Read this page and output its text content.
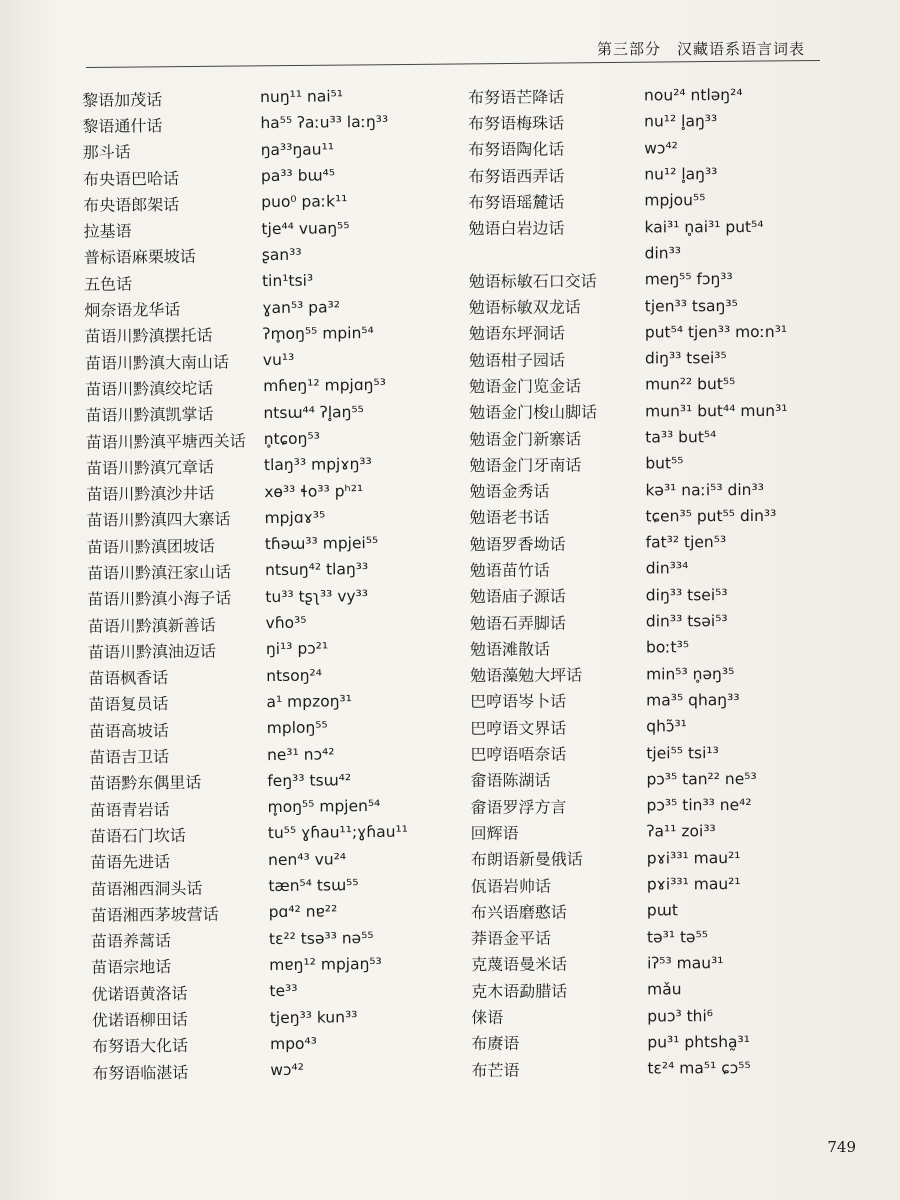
第三部分　汉藏语系语言词表
黎语加茂话	nuŋ¹¹ nai⁵¹
黎语通什话	ha⁵⁵ ʔaːu³³ laːŋ³³
那斗话	ŋa³³ŋau¹¹
布央语巴哈话	pa³³ bɯ⁴⁵
布央语郎架话	puo⁰ paːk¹¹
拉基语	tje⁴⁴ vuaŋ⁵⁵
普标语麻栗坡话	ʂan³³
五色话	tin¹tsi³
炯奈语龙华话	ɣan⁵³ pa³²
苗语川黔滇摆托话	ʔm̥oŋ⁵⁵ mpin⁵⁴
苗语川黔滇大南山话	vu¹³
苗语川黔滇绞坨话	mɦɐŋ¹² mpjɑŋ⁵³
苗语川黔滇凯掌话	ntsɯ⁴⁴ ʔl̥aŋ⁵⁵
苗语川黔滇平塘西关话	n̥tɕoŋ⁵³
苗语川黔滇冗章话	tlaŋ³³ mpjɤŋ³³
苗语川黔滇沙井话	xɵ³³ ɬo³³ pʰ²¹
苗语川黔滇四大寨话	mpjɑɤ³⁵
苗语川黔滇团坡话	tɦəɯ³³ mpjei⁵⁵
苗语川黔滇汪家山话	ntsuŋ⁴² tlaŋ³³
苗语川黔滇小海子话	tu³³ tʂʅ³³ vy³³
苗语川黔滇新善话	vɦo³⁵
苗语川黔滇油迈话	ŋi¹³ pɔ²¹
苗语枫香话	ntsoŋ²⁴
苗语复员话	a¹ mpzoŋ³¹
苗语高坡话	mploŋ⁵⁵
苗语吉卫话	ne³¹ nɔ⁴²
苗语黔东偶里话	feŋ³³ tsɯ⁴²
苗语青岩话	m̥oŋ⁵⁵ mpjen⁵⁴
苗语石门坎话	tu⁵⁵ ɣɦau¹¹;ɣɦau¹¹
苗语先进话	nen⁴³ vu²⁴
苗语湘西洞头话	tæn⁵⁴ tsɯ⁵⁵
苗语湘西茅坡营话	pɑ⁴² nɐ²²
苗语养蒿话	tɛ²² tsə³³ nə⁵⁵
苗语宗地话	mɐŋ¹² mpjaŋ⁵³
优诺语黄洛话	te³³
优诺语柳田话	tjeŋ³³ kun³³
布努语大化话	mpo⁴³
布努语临湛话	wɔ⁴²
布努语芒降话	nou²⁴ ntləŋ²⁴
布努语梅珠话	nu¹² l̥aŋ³³
布努语陶化话	wɔ⁴²
布努语西弄话	nu¹² l̥aŋ³³
布努语瑶麓话	mpjou⁵⁵
勉语白岩边话	kai³¹ n̥ai³¹ put⁵⁴
din³³
勉语标敏石口交话	meŋ⁵⁵ fɔŋ³³
勉语标敏双龙话	tjen³³ tsaŋ³⁵
勉语东坪洞话	put⁵⁴ tjen³³ moːn³¹
勉语柑子园话	diŋ³³ tsei³⁵
勉语金门览金话	mun²² but⁵⁵
勉语金门梭山脚话	mun³¹ but⁴⁴ mun³¹
勉语金门新寨话	ta³³ but⁵⁴
勉语金门牙南话	but⁵⁵
勉语金秀话	kə³¹ naːi⁵³ din³³
勉语老书话	tɕen³⁵ put⁵⁵ din³³
勉语罗香坳话	fat³² tjen⁵³
勉语苗竹话	din³³⁴
勉语庙子源话	diŋ³³ tsei⁵³
勉语石弄脚话	din³³ tsəi⁵³
勉语滩散话	boːt³⁵
勉语藻勉大坪话	min⁵³ n̥əŋ³⁵
巴哼语岑卜话	ma³⁵ qhaŋ³³
巴哼语文界话	qhɔ̃³¹
巴哼语唔奈话	tjei⁵⁵ tsi¹³
畲语陈湖话	pɔ³⁵ tan²² ne⁵³
畲语罗浮方言	pɔ³⁵ tin³³ ne⁴²
回辉语	ʔa¹¹ zoi³³
布朗语新曼俄话	pɤi³³¹ mau²¹
佤语岩帅话	pɤi³³¹ mau²¹
布兴语磨憨话	pɯt
莽语金平话	tə³¹ tə⁵⁵
克蔑语曼米话	iʔ⁵³ mau³¹
克木语勐腊话	mǎu
俫语	puɔ³ thi⁶
布赓语	pu³¹ phtsha̰³¹
布芒语	tɛ²⁴ ma⁵¹ ɕɔ⁵⁵
749
